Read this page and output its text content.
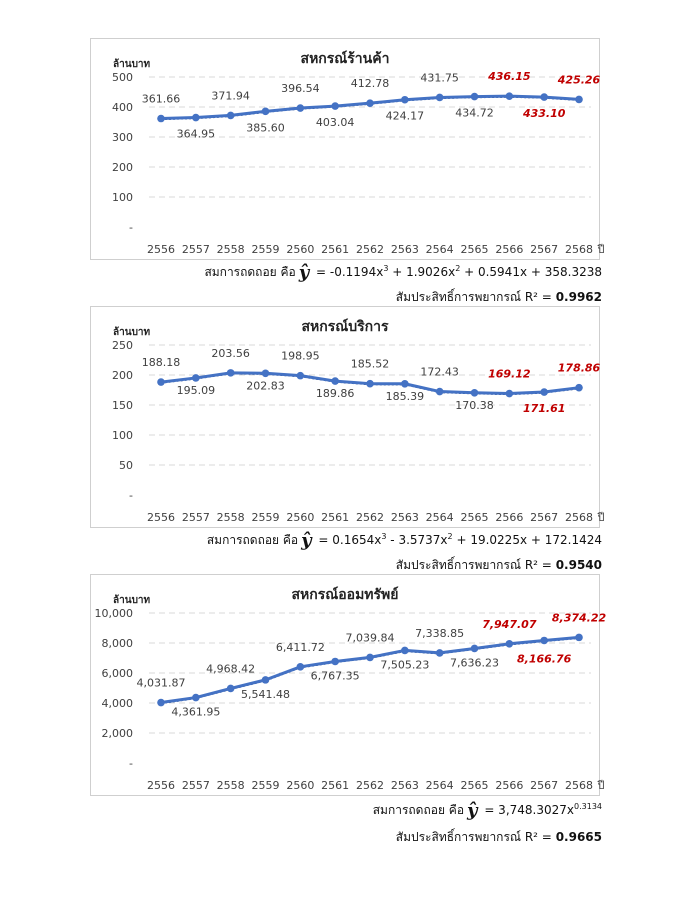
สหกรณ์ร้านค้า
ล้านบาท
-
100
200
300
400
500
2556 2557 2558 2559 2560 2561 2562 2563 2564 2565 2566 2567 2568 ปี
361.66
364.95
371.94
385.60
396.54
403.04
412.78
424.17
431.75
434.72
436.15
433.10
425.26
สมการถดถอย คือ ŷ = $-0.1194x^3 + 1.9026x^2 + 0.5941x + 358.3238$
สัมประสิทธิ์การพยากรณ์ R² = 0.9962
สหกรณ์บริการ
ล้านบาท
-
50
100
150
200
250
2556 2557 2558 2559 2560 2561 2562 2563 2564 2565 2566 2567 2568 ปี
188.18
195.09
203.56
202.83
198.95
189.86
185.52
185.39
172.43
170.38
169.12
171.61
178.86
สมการถดถอย คือ ŷ = $0.1654x^3 - 3.5737x^2 + 19.0225x + 172.1424$
สัมประสิทธิ์การพยากรณ์ R² = 0.9540
สหกรณ์ออมทรัพย์
ล้านบาท
-
2,000
4,000
6,000
8,000
10,000
2556 2557 2558 2559 2560 2561 2562 2563 2564 2565 2566 2567 2568 ปี
4,031.87
4,361.95
4,968.42
5,541.48
6,411.72
6,767.35
7,039.84
7,505.23
7,338.85
7,636.23
7,947.07
8,166.76
8,374.22
สมการถดถอย คือ ŷ = $3,748.3027x^{0.3134}$
สัมประสิทธิ์การพยากรณ์ R² = 0.9665
